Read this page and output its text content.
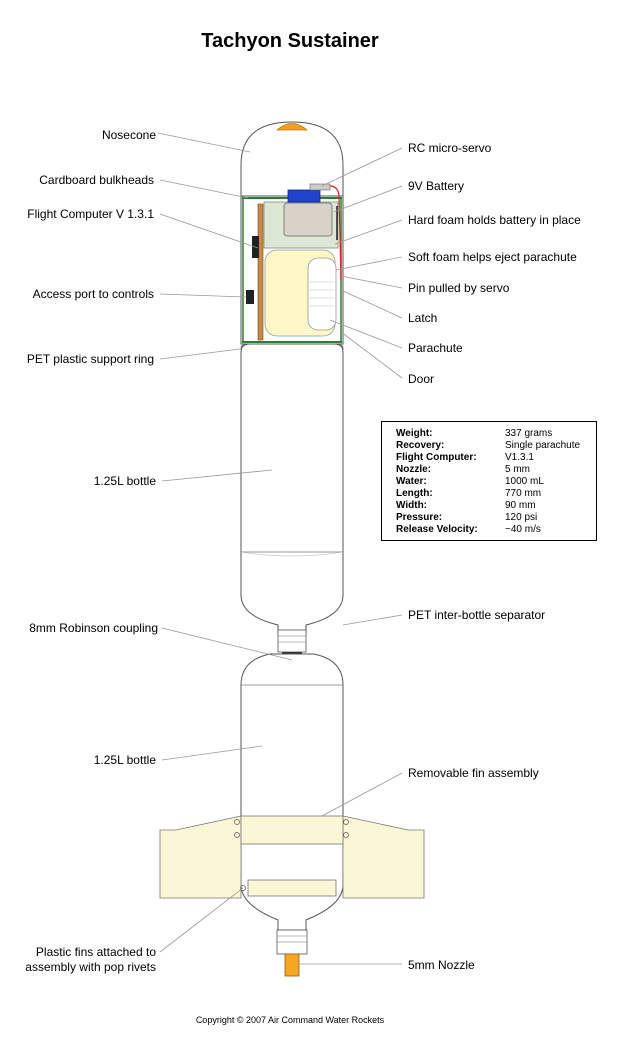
Tachyon Sustainer
Nosecone
Cardboard bulkheads
Flight Computer V 1.3.1
Access port to controls
PET plastic support ring
1.25L bottle
8mm Robinson coupling
1.25L bottle
Plastic fins attached to
assembly with pop rivets
RC micro-servo
9V Battery
Hard foam holds battery in place
Soft foam helps eject parachute
Pin pulled by servo
Latch
Parachute
Door
PET inter-bottle separator
Removable fin assembly
5mm Nozzle
Weight:	337 grams
Recovery:	Single parachute
Flight Computer:	V1.3.1
Nozzle:	5 mm
Water:	1000 mL
Length:	770 mm
Width:	90 mm
Pressure:	120 psi
Release Velocity:	~40 m/s
Copyright © 2007 Air Command Water Rockets
